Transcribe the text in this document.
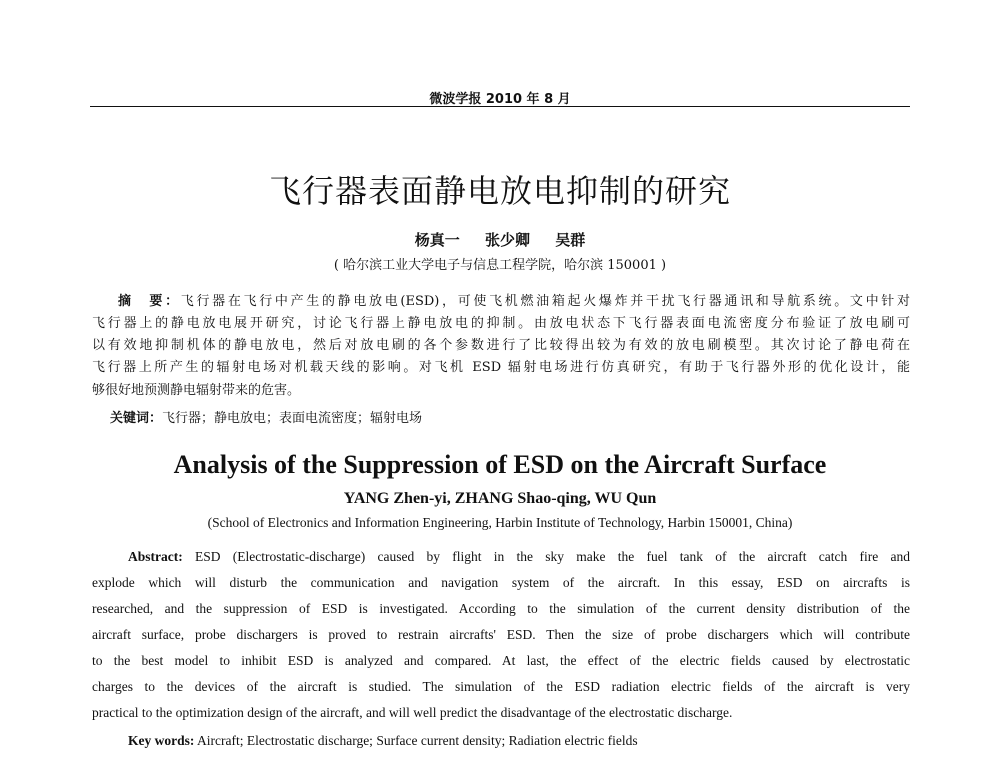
微波学报 2010 年 8 月
飞行器表面静电放电抑制的研究
杨真一 张少卿 吴群
( 哈尔滨工业大学电子与信息工程学院，哈尔滨 150001 )
摘　要：飞行器在飞行中产生的静电放电(ESD)，可使飞机燃油箱起火爆炸并干扰飞行器通讯和导航系统。文中针对
飞行器上的静电放电展开研究，讨论飞行器上静电放电的抑制。由放电状态下飞行器表面电流密度分布验证了放电刷可
以有效地抑制机体的静电放电，然后对放电刷的各个参数进行了比较得出较为有效的放电刷模型。其次讨论了静电荷在
飞行器上所产生的辐射电场对机载天线的影响。对飞机 ESD 辐射电场进行仿真研究，有助于飞行器外形的优化设计，能
够很好地预测静电辐射带来的危害。
关键词：飞行器；静电放电；表面电流密度；辐射电场
Analysis of the Suppression of ESD on the Aircraft Surface
YANG Zhen-yi, ZHANG Shao-qing, WU Qun
(School of Electronics and Information Engineering, Harbin Institute of Technology, Harbin 150001, China)
Abstract: ESD (Electrostatic-discharge) caused by flight in the sky make the fuel tank of the aircraft catch fire and
explode which will disturb the communication and navigation system of the aircraft. In this essay, ESD on aircrafts is
researched, and the suppression of ESD is investigated. According to the simulation of the current density distribution of the
aircraft surface, probe dischargers is proved to restrain aircrafts' ESD. Then the size of probe dischargers which will contribute
to the best model to inhibit ESD is analyzed and compared. At last, the effect of the electric fields caused by electrostatic
charges to the devices of the aircraft is studied. The simulation of the ESD radiation electric fields of the aircraft is very
practical to the optimization design of the aircraft, and will well predict the disadvantage of the electrostatic discharge.
Key words: Aircraft; Electrostatic discharge; Surface current density; Radiation electric fields
